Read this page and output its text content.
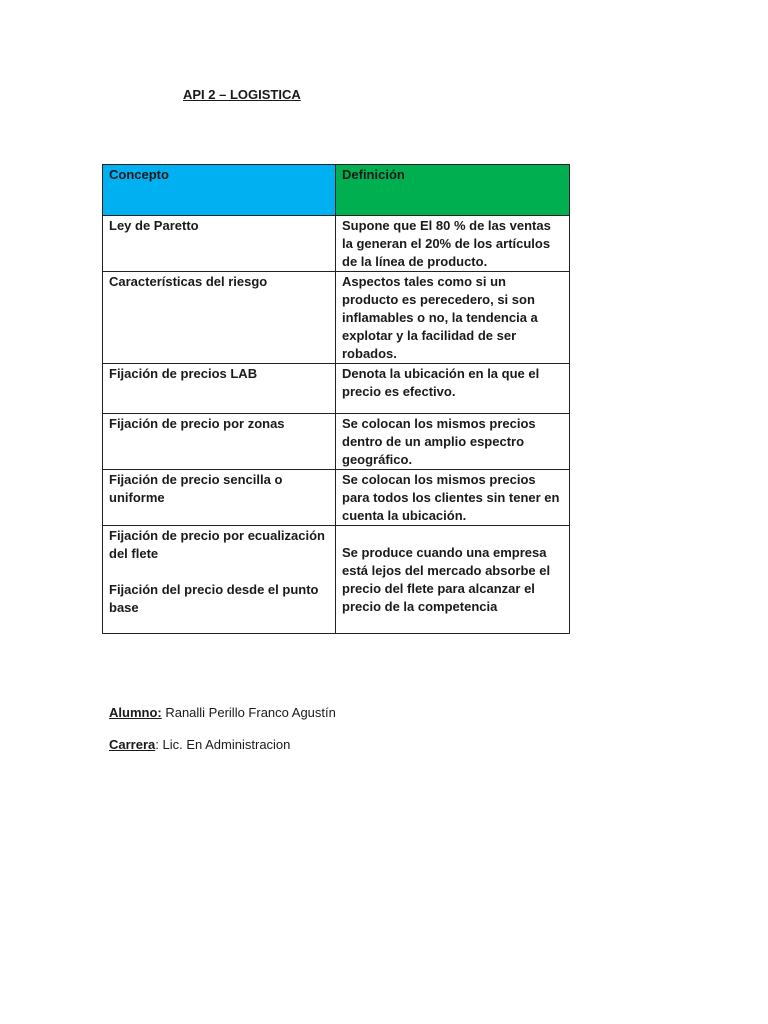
API 2 – LOGISTICA
Concepto	Definición
Ley de Paretto	Supone que El 80 % de las ventas la generan el 20% de los artículos de la línea de producto.
Características del riesgo	Aspectos tales como si un producto es perecedero, si son inflamables o no, la tendencia a explotar y la facilidad de ser robados.
Fijación de precios LAB	Denota la ubicación en la que el precio es efectivo.
Fijación de precio por zonas	Se colocan los mismos precios dentro de un amplio espectro geográfico.
Fijación de precio sencilla o uniforme	Se colocan los mismos precios para todos los clientes sin tener en cuenta la ubicación.

Fijación de precio por ecualización del flete
Fijación del precio desde el punto base	Se produce cuando una empresa está lejos del mercado absorbe el precio del flete para alcanzar el precio de la competencia
Alumno: Ranalli Perillo Franco Agustín
Carrera: Lic. En Administracion
